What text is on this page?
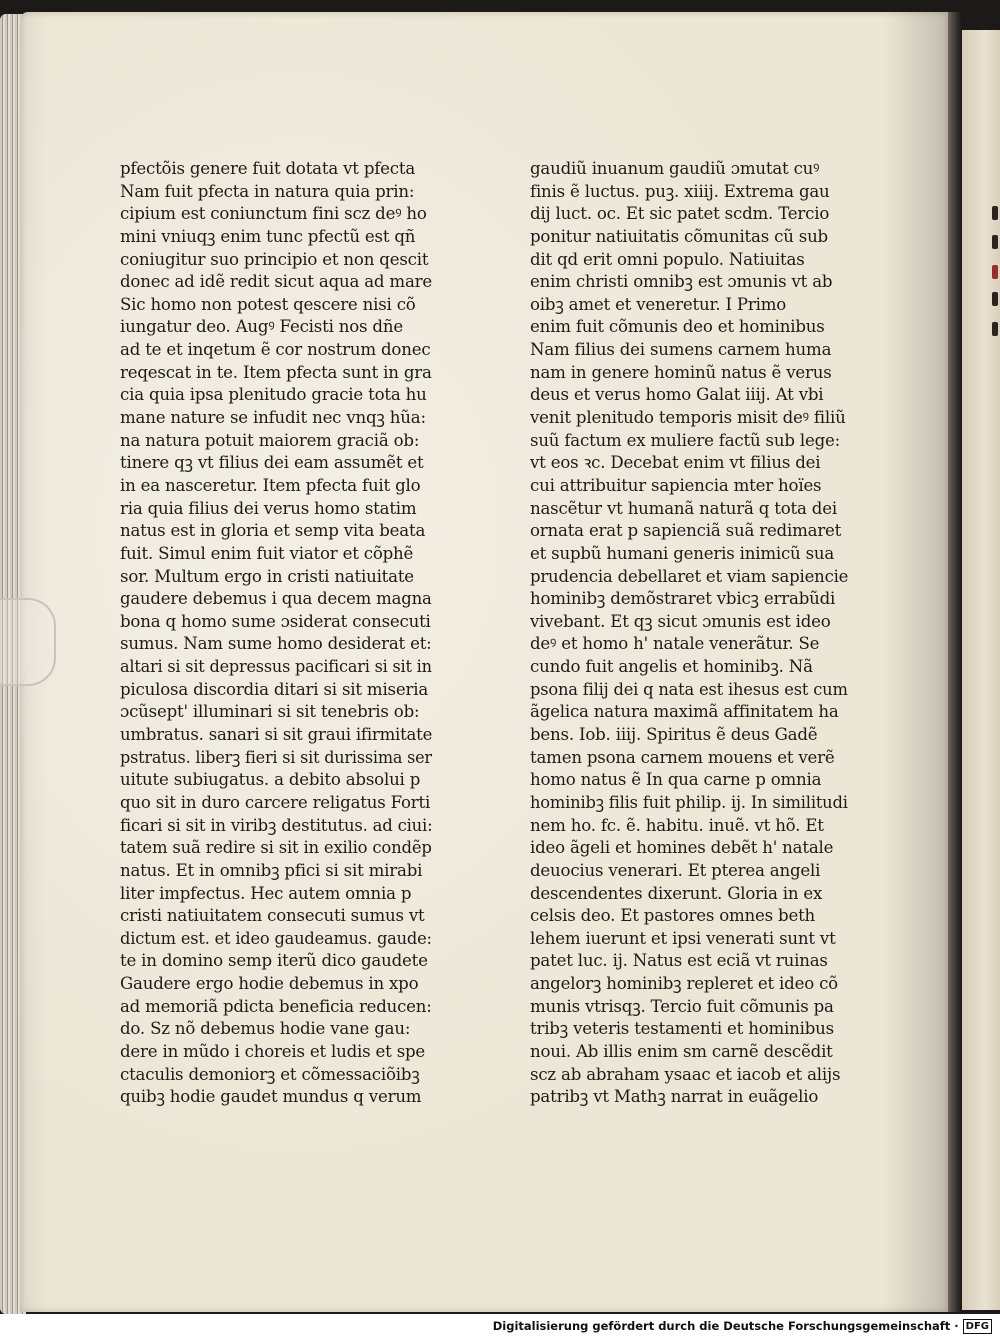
pfectõis genere fuit dotata vt pfecta
Nam fuit pfecta in natura quia prin:
cipium est coniunctum fini scz deꝰ ho
mini vniuqꝫ enim tunc pfectũ est qñ
coniugitur suo principio et non qescit
donec ad idẽ redit sicut aqua ad mare
Sic homo non potest qescere nisi cõ
iungatur deo. Augꝰ Fecisti nos dñe
ad te et inqetum ẽ cor nostrum donec
reqescat in te. Item pfecta sunt in gra
cia quia ipsa plenitudo gracie tota hu
mane nature se infudit nec vnqꝫ hũa:
na natura potuit maiorem graciã ob:
tinere qꝫ vt filius dei eam assumẽt et
in ea nasceretur. Item pfecta fuit glo
ria quia filius dei verus homo statim
natus est in gloria et semp vita beata
fuit. Simul enim fuit viator et cõphẽ
sor. Multum ergo in cristi natiuitate
gaudere debemus i qua decem magna
bona q homo sume ɔsiderat consecuti
sumus. Nam sume homo desiderat et:
altari si sit depressus pacificari si sit in
piculosa discordia ditari si sit miseria
ɔcũsept' illuminari si sit tenebris ob:
umbratus. sanari si sit graui ifirmitate
pstratus. liberꝫ fieri si sit durissima ser
uitute subiugatus. a debito absolui p
quo sit in duro carcere religatus Forti
ficari si sit in viribꝫ destitutus. ad ciui:
tatem suã redire si sit in exilio condẽp
natus. Et in omnibꝫ pfici si sit mirabi
liter impfectus. Hec autem omnia p
cristi natiuitatem consecuti sumus vt
dictum est. et ideo gaudeamus. gaude:
te in domino semp iterũ dico gaudete
Gaudere ergo hodie debemus in xpo
ad memoriã pdicta beneficia reducen:
do. Sz nõ debemus hodie vane gau:
dere in mũdo i choreis et ludis et spe
ctaculis demoniorꝫ et cõmessaciõibꝫ
quibꝫ hodie gaudet mundus q verum
gaudiũ inuanum gaudiũ ɔmutat cuꝰ
finis ẽ luctus. puꝫ. xiiij. Extrema gau
dij luct. oc. Et sic patet scdm. Tercio
ponitur natiuitatis cõmunitas cũ sub
dit qd erit omni populo. Natiuitas
enim christi omnibꝫ est ɔmunis vt ab
oibꝫ amet et veneretur. I Primo
enim fuit cõmunis deo et hominibus
Nam filius dei sumens carnem huma
nam in genere hominũ natus ẽ verus
deus et verus homo Galat iiij. At vbi
venit plenitudo temporis misit deꝰ filiũ
suũ factum ex muliere factũ sub lege:
vt eos ꝛc. Decebat enim vt filius dei
cui attribuitur sapiencia mter hoïes
nascẽtur vt humanã naturã q tota dei
ornata erat p sapienciã suã redimaret
et supbũ humani generis inimicũ sua
prudencia debellaret et viam sapiencie
hominibꝫ demõstraret vbicꝫ errabũdi
vivebant. Et qꝫ sicut ɔmunis est ideo
deꝰ et homo h' natale venerãtur. Se
cundo fuit angelis et hominibꝫ. Nã
psona filij dei q nata est ihesus est cum
ãgelica natura maximã affinitatem ha
bens. Iob. iiij. Spiritus ẽ deus Gadẽ
tamen psona carnem mouens et verẽ
homo natus ẽ In qua carne p omnia
hominibꝫ filis fuit philip. ij. In similitudi
nem ho. fc. ẽ. habitu. inuẽ. vt hõ. Et
ideo ãgeli et homines debẽt h' natale
deuocius venerari. Et pterea angeli
descendentes dixerunt. Gloria in ex
celsis deo. Et pastores omnes beth
lehem iuerunt et ipsi venerati sunt vt
patet luc. ij. Natus est eciã vt ruinas
angelorꝫ hominibꝫ repleret et ideo cõ
munis vtrisqꝫ. Tercio fuit cõmunis pa
tribꝫ veteris testamenti et hominibus
noui. Ab illis enim sm carnẽ descẽdit
scz ab abraham ysaac et iacob et alijs
patribꝫ vt Mathꝫ narrat in euãgelio
Digitalisierung gefördert durch die Deutsche Forschungsgemeinschaft · DFG
